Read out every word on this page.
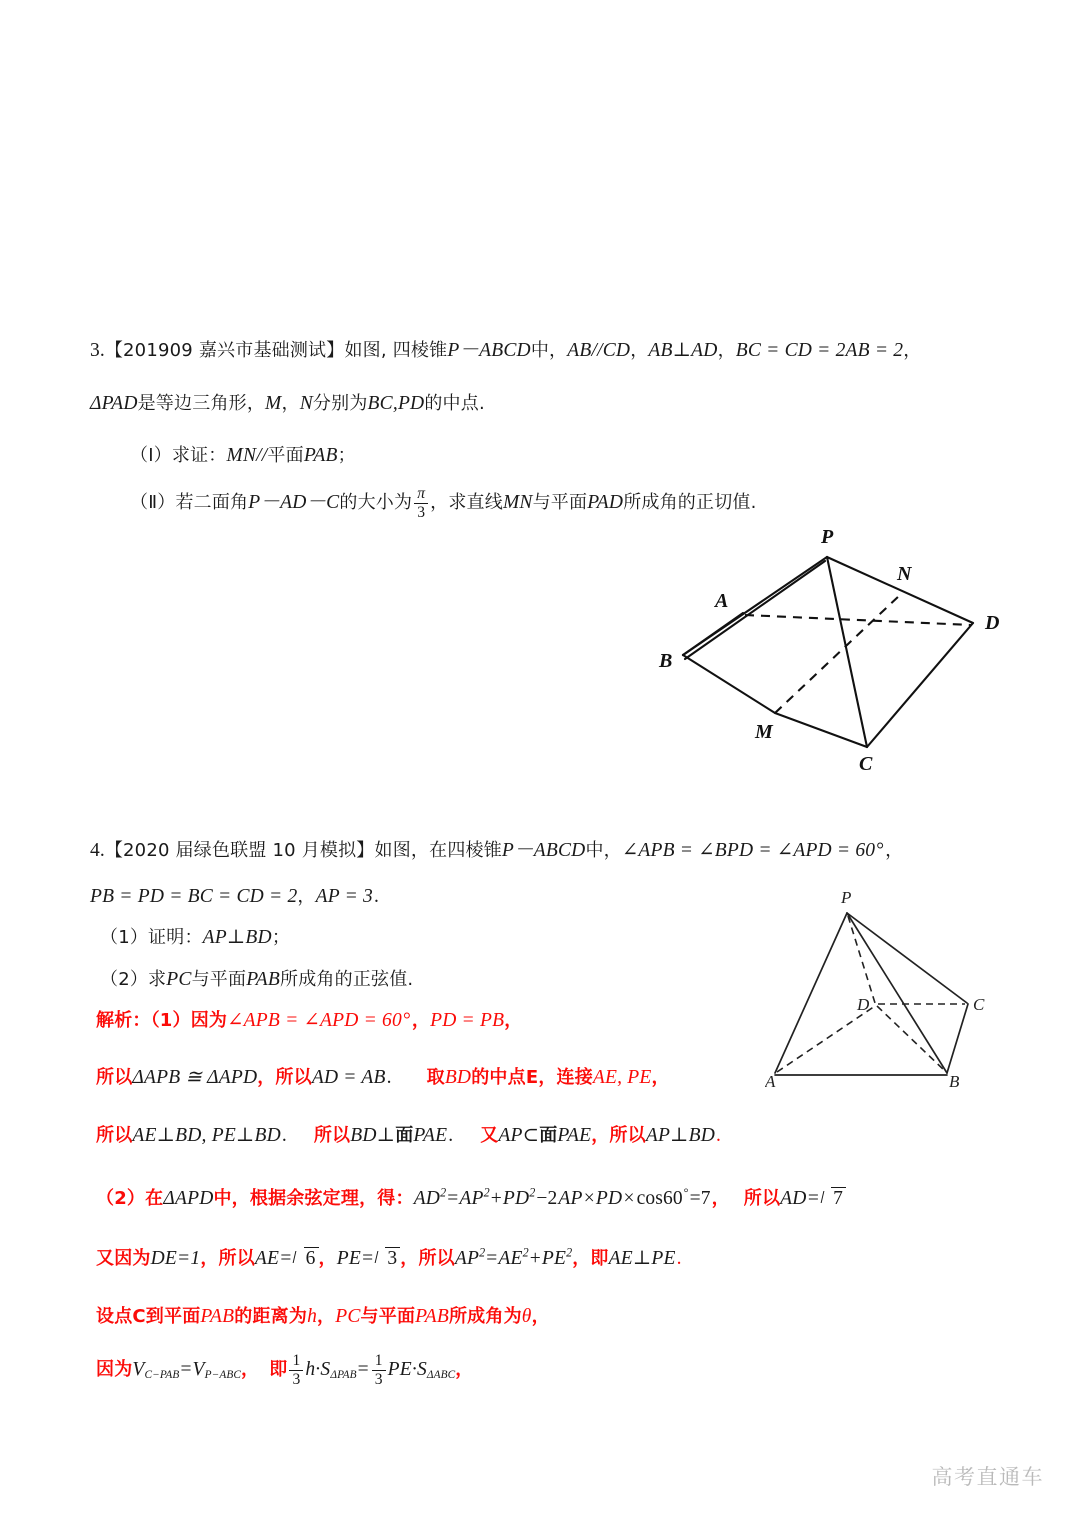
3.【201909 嘉兴市基础测试】如图, 四棱锥P－ABCD中，AB//CD，AB⊥AD，BC = CD = 2AB = 2，
ΔPAD是等边三角形，M，N分别为BC,PD的中点.
（Ⅰ）求证：MN//平面PAB；
（Ⅱ）若二面角P－AD－C的大小为 $\frac{\pi}{3}$ ，求直线MN与平面PAD所成角的正切值.
P
A
B
N
D
M
C
4.【2020 届绿色联盟 10 月模拟】如图，在四棱锥P－ABCD中，∠APB = ∠BPD = ∠APD = 60°，
PB = PD = BC = CD = 2，AP = 3.
（1）证明：AP⊥BD；
（2）求PC与平面PAB所成角的正弦值.
P
D	C
A	B
解析：（1）因为∠APB = ∠APD = 60°，PD = PB，
所以ΔAPB ≅ ΔAPD，所以AD = AB. 取BD的中点E，连接AE, PE，
所以AE⊥BD, PE⊥BD. 所以BD⊥面PAE. 又AP⊂面PAE，所以AP⊥BD.
（2）在ΔAPD中，根据余弦定理，得：$AD^2=AP^2+PD^2-2AP\times PD\times\cos 60^\circ=7$， 所以AD= 7
又因为DE=1，所以AE= 6 ，PE= 3 ，所以$AP^2=AE^2+PE^2$，即AE⊥PE.
设点C到平面PAB的距离为h，PC与平面PAB所成角为θ，
因为$V_{C-PAB}=V_{P-ABC}$， 即 $\frac{1}{3} h\cdot S_{\Delta PAB}= \frac{1}{3} PE\cdot S_{\Delta ABC}$，
高考直通车
